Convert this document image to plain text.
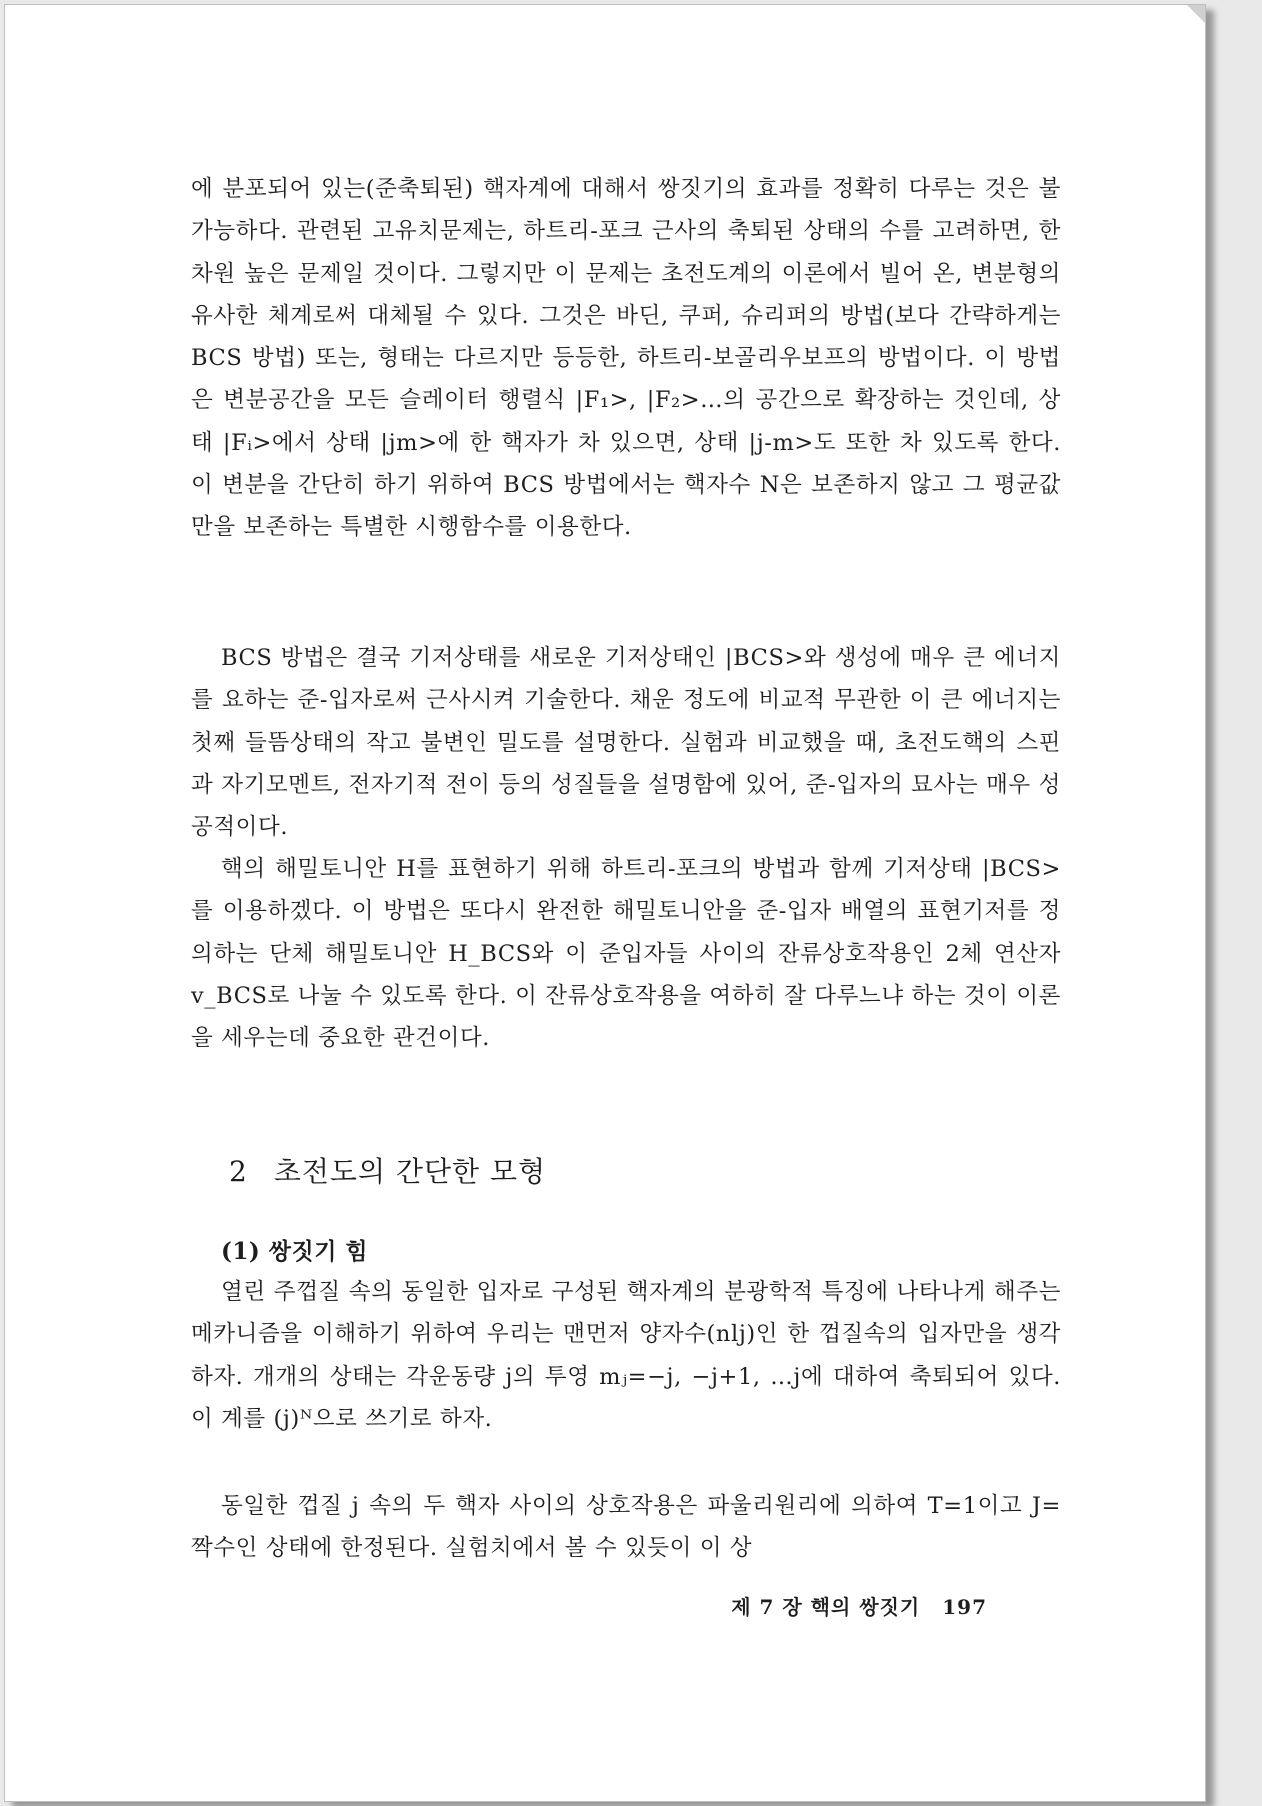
에 분포되어 있는(준축퇴된) 핵자계에 대해서 쌍짓기의 효과를 정확히 다루는 것은 불가능하다. 관련된 고유치문제는, 하트리-포크 근사의 축퇴된 상태의 수를 고려하면, 한 차원 높은 문제일 것이다. 그렇지만 이 문제는 초전도계의 이론에서 빌어 온, 변분형의 유사한 체계로써 대체될 수 있다. 그것은 바딘, 쿠퍼, 슈리퍼의 방법(보다 간략하게는 BCS 방법) 또는, 형태는 다르지만 등등한, 하트리-보골리우보프의 방법이다. 이 방법은 변분공간을 모든 슬레이터 행렬식 |F₁>, |F₂>…의 공간으로 확장하는 것인데, 상태 |Fᵢ>에서 상태 |jm>에 한 핵자가 차 있으면, 상태 |j-m>도 또한 차 있도록 한다. 이 변분을 간단히 하기 위하여 BCS 방법에서는 핵자수 N은 보존하지 않고 그 평균값만을 보존하는 특별한 시행함수를 이용한다.

BCS 방법은 결국 기저상태를 새로운 기저상태인 |BCS>와 생성에 매우 큰 에너지를 요하는 준-입자로써 근사시켜 기술한다. 채운 정도에 비교적 무관한 이 큰 에너지는 첫째 들뜸상태의 작고 불변인 밀도를 설명한다. 실험과 비교했을 때, 초전도핵의 스핀과 자기모멘트, 전자기적 전이 등의 성질들을 설명함에 있어, 준-입자의 묘사는 매우 성공적이다.

핵의 해밀토니안 H를 표현하기 위해 하트리-포크의 방법과 함께 기저상태 |BCS>를 이용하겠다. 이 방법은 또다시 완전한 해밀토니안을 준-입자 배열의 표현기저를 정의하는 단체 해밀토니안 H_BCS와 이 준입자들 사이의 잔류상호작용인 2체 연산자 v_BCS로 나눌 수 있도록 한다. 이 잔류상호작용을 여하히 잘 다루느냐 하는 것이 이론을 세우는데 중요한 관건이다.

2 초전도의 간단한 모형
(1) 쌍짓기 힘

열린 주껍질 속의 동일한 입자로 구성된 핵자계의 분광학적 특징에 나타나게 해주는 메카니즘을 이해하기 위하여 우리는 맨먼저 양자수(nlj)인 한 껍질속의 입자만을 생각하자. 개개의 상태는 각운동량 j의 투영 mⱼ=−j, −j+1, …j에 대하여 축퇴되어 있다. 이 계를 (j)ᴺ으로 쓰기로 하자.

동일한 껍질 j 속의 두 핵자 사이의 상호작용은 파울리원리에 의하여 T=1이고 J=짝수인 상태에 한정된다. 실험치에서 볼 수 있듯이 이 상

제 7 장 핵의 쌍짓기 197
